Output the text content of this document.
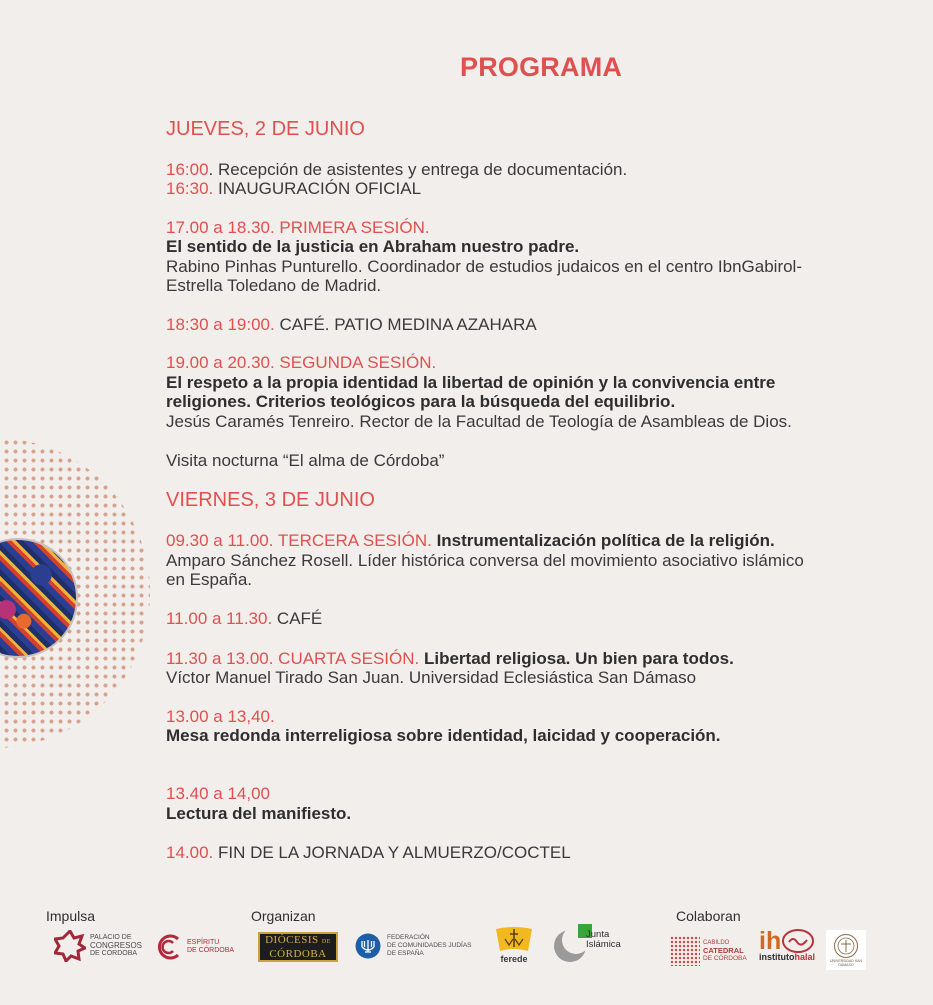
PROGRAMA
JUEVES, 2 DE JUNIO
16:00. Recepción de asistentes y entrega de documentación.
16:30. INAUGURACIÓN OFICIAL
17.00 a 18.30. PRIMERA SESIÓN.
El sentido de la justicia en Abraham nuestro padre.
Rabino Pinhas Punturello. Coordinador de estudios judaicos en el centro IbnGabirol-
Estrella Toledano de Madrid.
18:30 a 19:00. CAFÉ. PATIO MEDINA AZAHARA
19.00 a 20.30. SEGUNDA SESIÓN.
El respeto a la propia identidad la libertad de opinión y la convivencia entre
religiones. Criterios teológicos para la búsqueda del equilibrio.
Jesús Caramés Tenreiro. Rector de la Facultad de Teología de Asambleas de Dios.
Visita nocturna “El alma de Córdoba”
VIERNES, 3 DE JUNIO
09.30 a 11.00. TERCERA SESIÓN. Instrumentalización política de la religión.
Amparo Sánchez Rosell. Líder histórica conversa del movimiento asociativo islámico
en España.
11.00 a 11.30. CAFÉ
11.30 a 13.00. CUARTA SESIÓN. Libertad religiosa. Un bien para todos.
Víctor Manuel Tirado San Juan. Universidad Eclesiástica San Dámaso
13.00 a 13,40.
Mesa redonda interreligiosa sobre identidad, laicidad y cooperación.
13.40 a 14,00
Lectura del manifiesto.
14.00. FIN DE LA JORNADA Y ALMUERZO/COCTEL
Impulsa	Organizan	Colaboran
PALACIO DE
CONGRESOS
DE CÓRDOBA
ESPÍRITU
DE CÓRDOBA
DIÓCESIS DE
CÓRDOBA
FEDERACIÓN
DE COMUNIDADES JUDÍAS
DE ESPAÑA
ferede
Junta
Islámica	CABILDO
CATEDRAL
DE CÓRDOBA
ih
institutohalal	UNIVERSIDAD SAN DÁMASO
